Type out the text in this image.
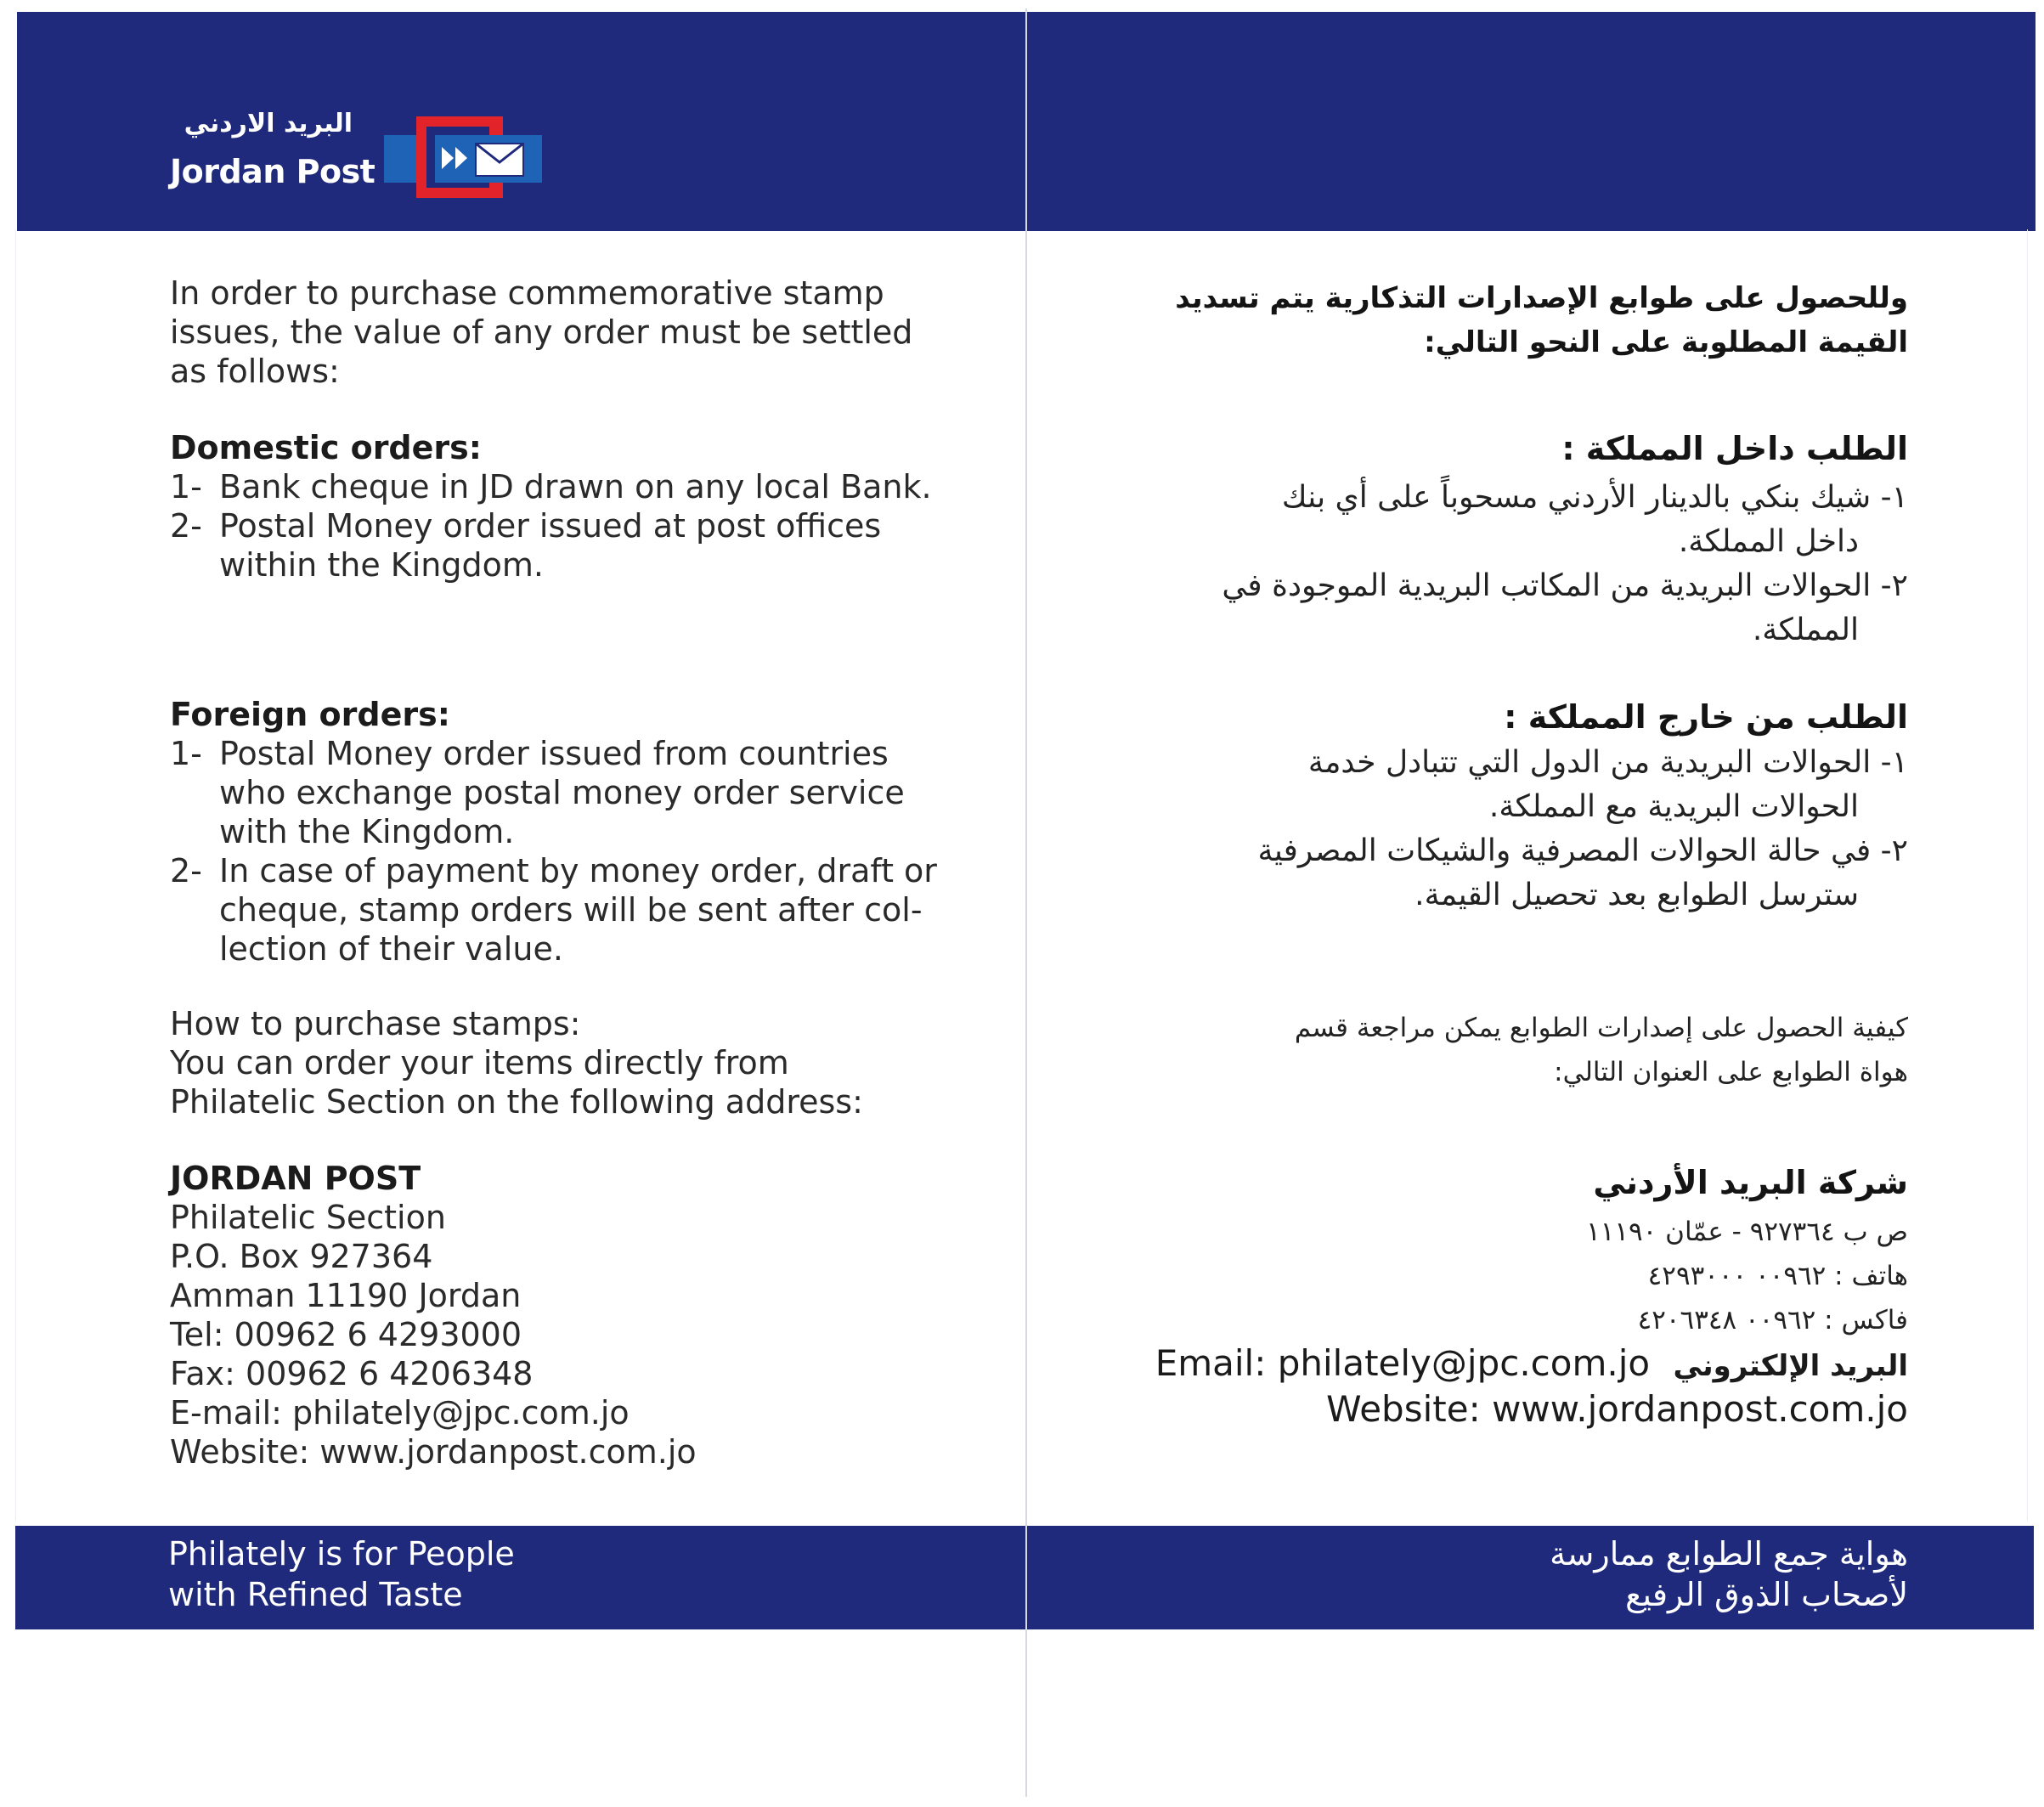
البريد الاردني
Jordan Post
In order to purchase commemorative stamp
issues, the value of any order must be settled
as follows:
Domestic orders:
1- Bank cheque in JD drawn on any local Bank.
2- Postal Money order issued at post offices
within the Kingdom.
Foreign orders:
1- Postal Money order issued from countries
who exchange postal money order service
with the Kingdom.
2- In case of payment by money order, draft or
cheque, stamp orders will be sent after col-
lection of their value.
How to purchase stamps:
You can order your items directly from
Philatelic Section on the following address:
JORDAN POST
Philatelic Section
P.O. Box 927364
Amman 11190 Jordan
Tel: 00962 6 4293000
Fax: 00962 6 4206348
E-mail: philately@jpc.com.jo
Website: www.jordanpost.com.jo
وللحصول على طوابع الإصدارات التذكارية يتم تسديد
القيمة المطلوبة على النحو التالي:
الطلب داخل المملكة :
١- شيك بنكي بالدينار الأردني مسحوباً على أي بنك
داخل المملكة.
٢- الحوالات البريدية من المكاتب البريدية الموجودة في
المملكة.
الطلب من خارج المملكة :
١- الحوالات البريدية من الدول التي تتبادل خدمة
الحوالات البريدية مع المملكة.
٢- في حالة الحوالات المصرفية والشيكات المصرفية
سترسل الطوابع بعد تحصيل القيمة.
كيفية الحصول على إصدارات الطوابع يمكن مراجعة قسم
هواة الطوابع على العنوان التالي:
شركة البريد الأردني
ص ب ٩٢٧٣٦٤ - عمّان ١١١٩٠
هاتف : ٠٠٩٦٢ ٤٢٩٣٠٠٠
فاكس : ٠٠٩٦٢ ٤٢٠٦٣٤٨
Email: philately@jpc.com.jo البريد الإلكتروني
Website: www.jordanpost.com.jo
Philately is for People
with Refined Taste
هواية جمع الطوابع ممارسة
لأصحاب الذوق الرفيع
